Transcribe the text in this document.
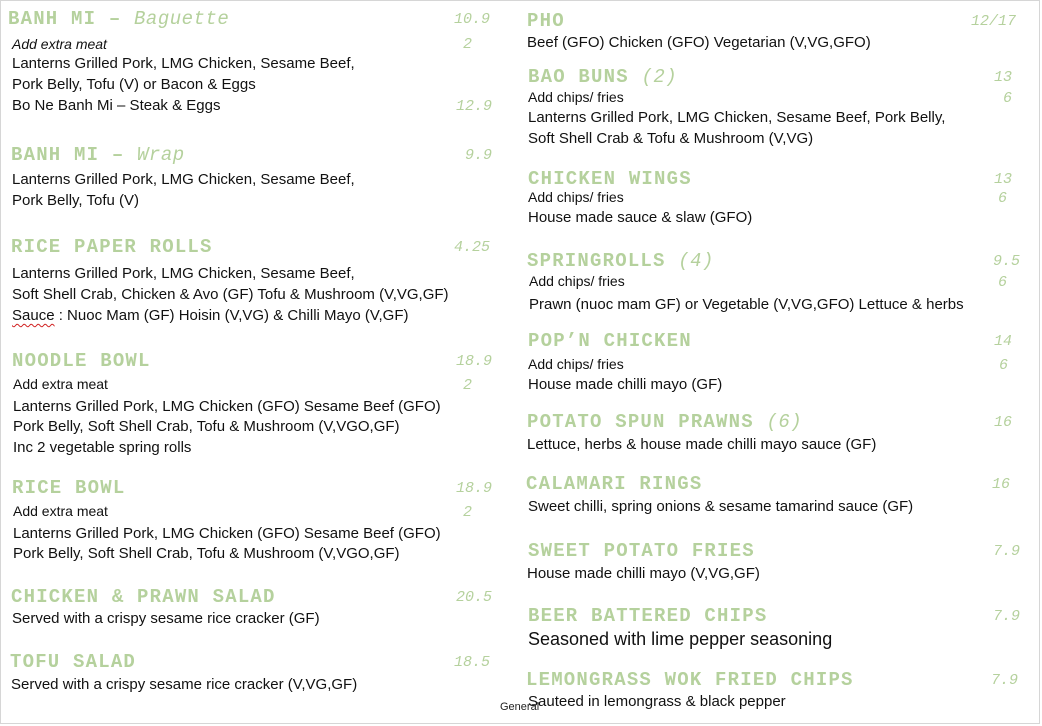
BANH MI – Baguette	10.9
Add extra meat	2
Lanterns Grilled Pork, LMG Chicken, Sesame Beef,
Pork Belly, Tofu (V) or Bacon & Eggs
Bo Ne Banh Mi – Steak & Eggs	12.9
BANH MI – Wrap	9.9
Lanterns Grilled Pork, LMG Chicken, Sesame Beef,
Pork Belly, Tofu (V)
RICE PAPER ROLLS	4.25
Lanterns Grilled Pork, LMG Chicken, Sesame Beef,
Soft Shell Crab, Chicken & Avo (GF) Tofu & Mushroom (V,VG,GF)
Sauce : Nuoc Mam (GF) Hoisin (V,VG) & Chilli Mayo (V,GF)
NOODLE BOWL	18.9
Add extra meat	2
Lanterns Grilled Pork, LMG Chicken (GFO) Sesame Beef (GFO)
Pork Belly, Soft Shell Crab, Tofu & Mushroom (V,VGO,GF)
Inc 2 vegetable spring rolls
RICE BOWL	18.9
Add extra meat	2
Lanterns Grilled Pork, LMG Chicken (GFO) Sesame Beef (GFO)
Pork Belly, Soft Shell Crab, Tofu & Mushroom (V,VGO,GF)
CHICKEN & PRAWN SALAD	20.5
Served with a crispy sesame rice cracker (GF)
TOFU SALAD	18.5
Served with a crispy sesame rice cracker (V,VG,GF)
PHO	12/17
Beef (GFO) Chicken (GFO) Vegetarian (V,VG,GFO)
BAO BUNS (2)	13
Add chips/ fries	6
Lanterns Grilled Pork, LMG Chicken, Sesame Beef, Pork Belly,
Soft Shell Crab & Tofu & Mushroom (V,VG)
CHICKEN WINGS	13
Add chips/ fries	6
House made sauce & slaw (GFO)
SPRINGROLLS (4)	9.5
Add chips/ fries	6
Prawn (nuoc mam GF) or Vegetable (V,VG,GFO) Lettuce & herbs
POP’N CHICKEN	14
Add chips/ fries	6
House made chilli mayo (GF)
POTATO SPUN PRAWNS (6)	16
Lettuce, herbs & house made chilli mayo sauce (GF)
CALAMARI RINGS	16
Sweet chilli, spring onions & sesame tamarind sauce (GF)
SWEET POTATO FRIES	7.9
House made chilli mayo (V,VG,GF)
BEER BATTERED CHIPS	7.9
Seasoned with lime pepper seasoning
LEMONGRASS WOK FRIED CHIPS	7.9
Sauteed in lemongrass & black pepper
General
